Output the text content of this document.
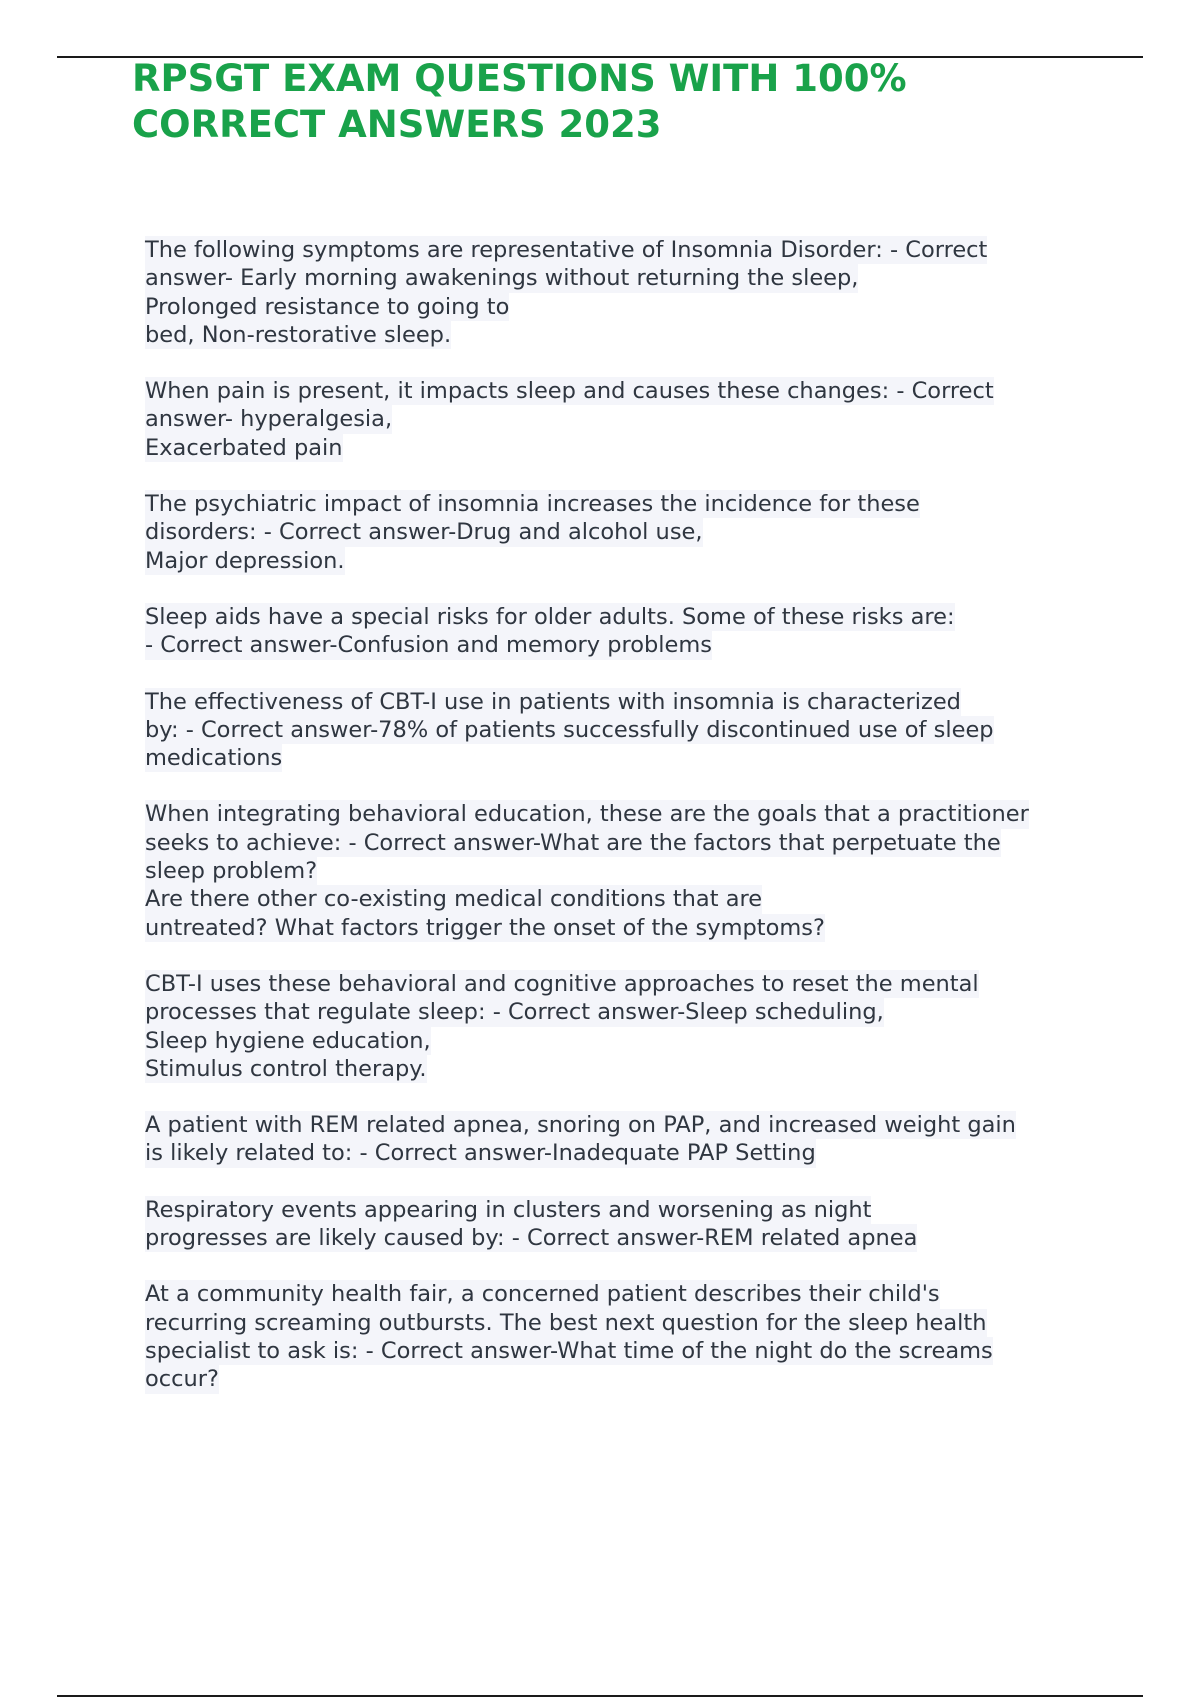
RPSGT EXAM QUESTIONS WITH 100%
CORRECT ANSWERS 2023
The following symptoms are representative of Insomnia Disorder: - Correct
answer- Early morning awakenings without returning the sleep,
Prolonged resistance to going to
bed, Non-restorative sleep.
When pain is present, it impacts sleep and causes these changes: - Correct
answer- hyperalgesia,
Exacerbated pain
The psychiatric impact of insomnia increases the incidence for these
disorders: - Correct answer-Drug and alcohol use,
Major depression.
Sleep aids have a special risks for older adults. Some of these risks are:
- Correct answer-Confusion and memory problems
The effectiveness of CBT-I use in patients with insomnia is characterized
by: - Correct answer-78% of patients successfully discontinued use of sleep
medications
When integrating behavioral education, these are the goals that a practitioner
seeks to achieve: - Correct answer-What are the factors that perpetuate the
sleep problem?
Are there other co-existing medical conditions that are
untreated? What factors trigger the onset of the symptoms?
CBT-I uses these behavioral and cognitive approaches to reset the mental
processes that regulate sleep: - Correct answer-Sleep scheduling,
Sleep hygiene education,
Stimulus control therapy.
A patient with REM related apnea, snoring on PAP, and increased weight gain
is likely related to: - Correct answer-Inadequate PAP Setting
Respiratory events appearing in clusters and worsening as night
progresses are likely caused by: - Correct answer-REM related apnea
At a community health fair, a concerned patient describes their child's
recurring screaming outbursts. The best next question for the sleep health
specialist to ask is: - Correct answer-What time of the night do the screams
occur?
